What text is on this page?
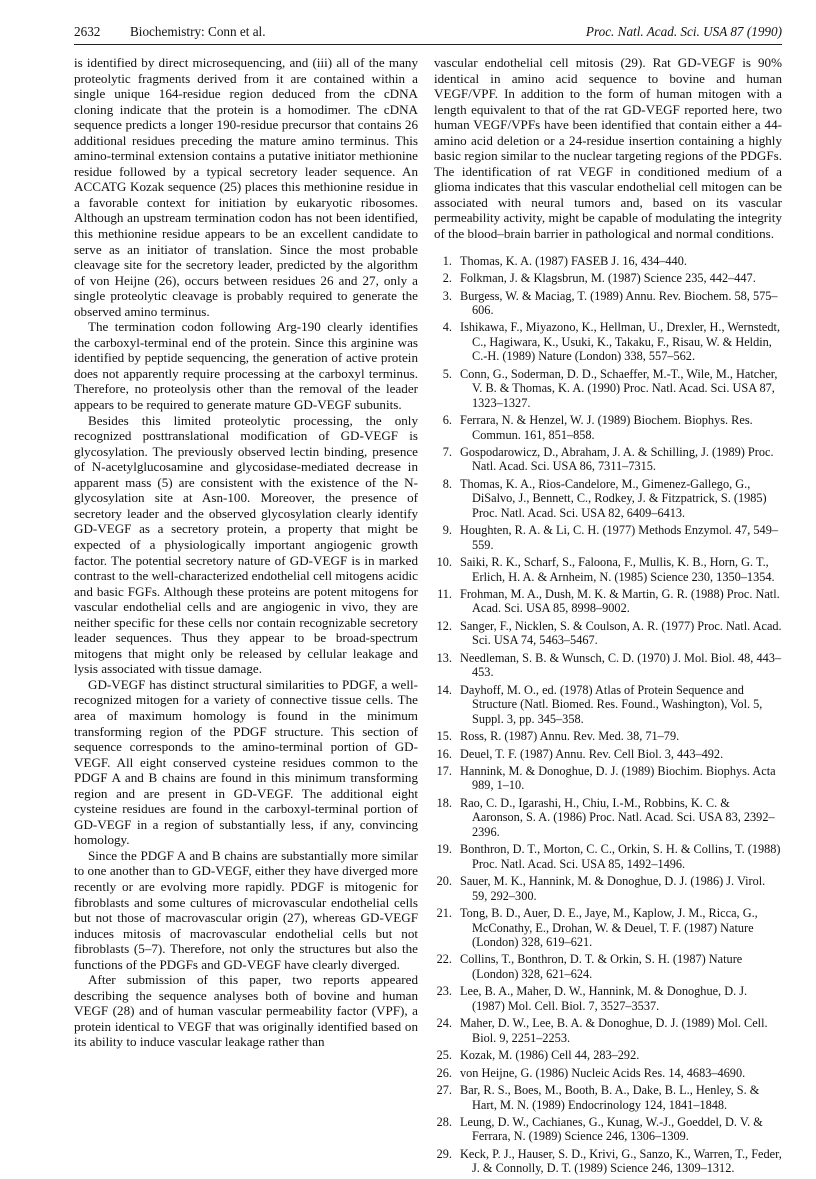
2632 Biochemistry: Conn et al.	Proc. Natl. Acad. Sci. USA 87 (1990)

is identified by direct microsequencing, and (iii) all of the many proteolytic fragments derived from it are contained within a single unique 164-residue region deduced from the cDNA cloning indicate that the protein is a homodimer. The cDNA sequence predicts a longer 190-residue precursor that contains 26 additional residues preceding the mature amino terminus. This amino-terminal extension contains a putative initiator methionine residue followed by a typical secretory leader sequence. An ACCATG Kozak sequence (25) places this methionine residue in a favorable context for initiation by eukaryotic ribosomes. Although an upstream termination codon has not been identified, this methionine residue appears to be an excellent candidate to serve as an initiator of translation. Since the most probable cleavage site for the secretory leader, predicted by the algorithm of von Heijne (26), occurs between residues 26 and 27, only a single proteolytic cleavage is probably required to generate the observed amino terminus.

The termination codon following Arg-190 clearly identifies the carboxyl-terminal end of the protein. Since this arginine was identified by peptide sequencing, the generation of active protein does not apparently require processing at the carboxyl terminus. Therefore, no proteolysis other than the removal of the leader appears to be required to generate mature GD-VEGF subunits.

Besides this limited proteolytic processing, the only recognized posttranslational modification of GD-VEGF is glycosylation. The previously observed lectin binding, presence of N-acetylglucosamine and glycosidase-mediated decrease in apparent mass (5) are consistent with the existence of the N-glycosylation site at Asn-100. Moreover, the presence of secretory leader and the observed glycosylation clearly identify GD-VEGF as a secretory protein, a property that might be expected of a physiologically important angiogenic growth factor. The potential secretory nature of GD-VEGF is in marked contrast to the well-characterized endothelial cell mitogens acidic and basic FGFs. Although these proteins are potent mitogens for vascular endothelial cells and are angiogenic in vivo, they are neither specific for these cells nor contain recognizable secretory leader sequences. Thus they appear to be broad-spectrum mitogens that might only be released by cellular leakage and lysis associated with tissue damage.

GD-VEGF has distinct structural similarities to PDGF, a well-recognized mitogen for a variety of connective tissue cells. The area of maximum homology is found in the minimum transforming region of the PDGF structure. This section of sequence corresponds to the amino-terminal portion of GD-VEGF. All eight conserved cysteine residues common to the PDGF A and B chains are found in this minimum transforming region and are present in GD-VEGF. The additional eight cysteine residues are found in the carboxyl-terminal portion of GD-VEGF in a region of substantially less, if any, convincing homology.

Since the PDGF A and B chains are substantially more similar to one another than to GD-VEGF, either they have diverged more recently or are evolving more rapidly. PDGF is mitogenic for fibroblasts and some cultures of microvascular endothelial cells but not those of macrovascular origin (27), whereas GD-VEGF induces mitosis of macrovascular endothelial cells but not fibroblasts (5–7). Therefore, not only the structures but also the functions of the PDGFs and GD-VEGF have clearly diverged.

After submission of this paper, two reports appeared describing the sequence analyses both of bovine and human VEGF (28) and of human vascular permeability factor (VPF), a protein identical to VEGF that was originally identified based on its ability to induce vascular leakage rather than

vascular endothelial cell mitosis (29). Rat GD-VEGF is 90% identical in amino acid sequence to bovine and human VEGF/VPF. In addition to the form of human mitogen with a length equivalent to that of the rat GD-VEGF reported here, two human VEGF/VPFs have been identified that contain either a 44-amino acid deletion or a 24-residue insertion containing a highly basic region similar to the nuclear targeting regions of the PDGFs. The identification of rat VEGF in conditioned medium of a glioma indicates that this vascular endothelial cell mitogen can be associated with neural tumors and, based on its vascular permeability activity, might be capable of modulating the integrity of the blood–brain barrier in pathological and normal conditions.

1. Thomas, K. A. (1987) FASEB J. 16, 434–440.
2. Folkman, J. & Klagsbrun, M. (1987) Science 235, 442–447.
3. Burgess, W. & Maciag, T. (1989) Annu. Rev. Biochem. 58, 575–606.
4. Ishikawa, F., Miyazono, K., Hellman, U., Drexler, H., Wernstedt, C., Hagiwara, K., Usuki, K., Takaku, F., Risau, W. & Heldin, C.-H. (1989) Nature (London) 338, 557–562.
5. Conn, G., Soderman, D. D., Schaeffer, M.-T., Wile, M., Hatcher, V. B. & Thomas, K. A. (1990) Proc. Natl. Acad. Sci. USA 87, 1323–1327.
6. Ferrara, N. & Henzel, W. J. (1989) Biochem. Biophys. Res. Commun. 161, 851–858.
7. Gospodarowicz, D., Abraham, J. A. & Schilling, J. (1989) Proc. Natl. Acad. Sci. USA 86, 7311–7315.
8. Thomas, K. A., Rios-Candelore, M., Gimenez-Gallego, G., DiSalvo, J., Bennett, C., Rodkey, J. & Fitzpatrick, S. (1985) Proc. Natl. Acad. Sci. USA 82, 6409–6413.
9. Houghten, R. A. & Li, C. H. (1977) Methods Enzymol. 47, 549–559.
10. Saiki, R. K., Scharf, S., Faloona, F., Mullis, K. B., Horn, G. T., Erlich, H. A. & Arnheim, N. (1985) Science 230, 1350–1354.
11. Frohman, M. A., Dush, M. K. & Martin, G. R. (1988) Proc. Natl. Acad. Sci. USA 85, 8998–9002.
12. Sanger, F., Nicklen, S. & Coulson, A. R. (1977) Proc. Natl. Acad. Sci. USA 74, 5463–5467.
13. Needleman, S. B. & Wunsch, C. D. (1970) J. Mol. Biol. 48, 443–453.
14. Dayhoff, M. O., ed. (1978) Atlas of Protein Sequence and Structure (Natl. Biomed. Res. Found., Washington), Vol. 5, Suppl. 3, pp. 345–358.
15. Ross, R. (1987) Annu. Rev. Med. 38, 71–79.
16. Deuel, T. F. (1987) Annu. Rev. Cell Biol. 3, 443–492.
17. Hannink, M. & Donoghue, D. J. (1989) Biochim. Biophys. Acta 989, 1–10.
18. Rao, C. D., Igarashi, H., Chiu, I.-M., Robbins, K. C. & Aaronson, S. A. (1986) Proc. Natl. Acad. Sci. USA 83, 2392–2396.
19. Bonthron, D. T., Morton, C. C., Orkin, S. H. & Collins, T. (1988) Proc. Natl. Acad. Sci. USA 85, 1492–1496.
20. Sauer, M. K., Hannink, M. & Donoghue, D. J. (1986) J. Virol. 59, 292–300.
21. Tong, B. D., Auer, D. E., Jaye, M., Kaplow, J. M., Ricca, G., McConathy, E., Drohan, W. & Deuel, T. F. (1987) Nature (London) 328, 619–621.
22. Collins, T., Bonthron, D. T. & Orkin, S. H. (1987) Nature (London) 328, 621–624.
23. Lee, B. A., Maher, D. W., Hannink, M. & Donoghue, D. J. (1987) Mol. Cell. Biol. 7, 3527–3537.
24. Maher, D. W., Lee, B. A. & Donoghue, D. J. (1989) Mol. Cell. Biol. 9, 2251–2253.
25. Kozak, M. (1986) Cell 44, 283–292.
26. von Heijne, G. (1986) Nucleic Acids Res. 14, 4683–4690.
27. Bar, R. S., Boes, M., Booth, B. A., Dake, B. L., Henley, S. & Hart, M. N. (1989) Endocrinology 124, 1841–1848.
28. Leung, D. W., Cachianes, G., Kunag, W.-J., Goeddel, D. V. & Ferrara, N. (1989) Science 246, 1306–1309.
29. Keck, P. J., Hauser, S. D., Krivi, G., Sanzo, K., Warren, T., Feder, J. & Connolly, D. T. (1989) Science 246, 1309–1312.
